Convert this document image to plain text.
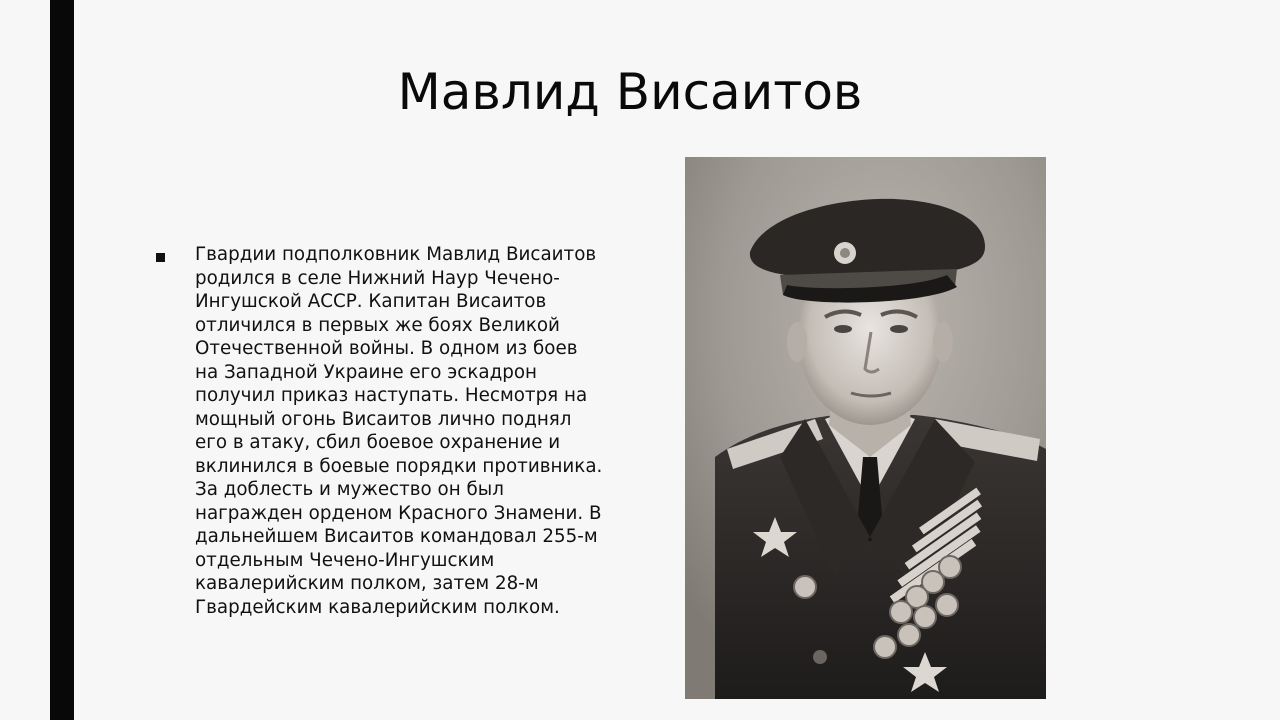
Мавлид Висаитов
Гвардии подполковник Мавлид Висаитов родился в селе Нижний Наур Чечено-Ингушской АССР. Капитан Висаитов отличился в первых же боях Великой Отечественной войны. В одном из боев на Западной Украине его эскадрон получил приказ наступать. Несмотря на мощный огонь Висаитов лично поднял его в атаку, сбил боевое охранение и вклинился в боевые порядки противника. За доблесть и мужество он был награжден орденом Красного Знамени. В дальнейшем Висаитов командовал 255-м отдельным Чечено-Ингушским кавалерийским полком, затем 28-м Гвардейским кавалерийским полком.
